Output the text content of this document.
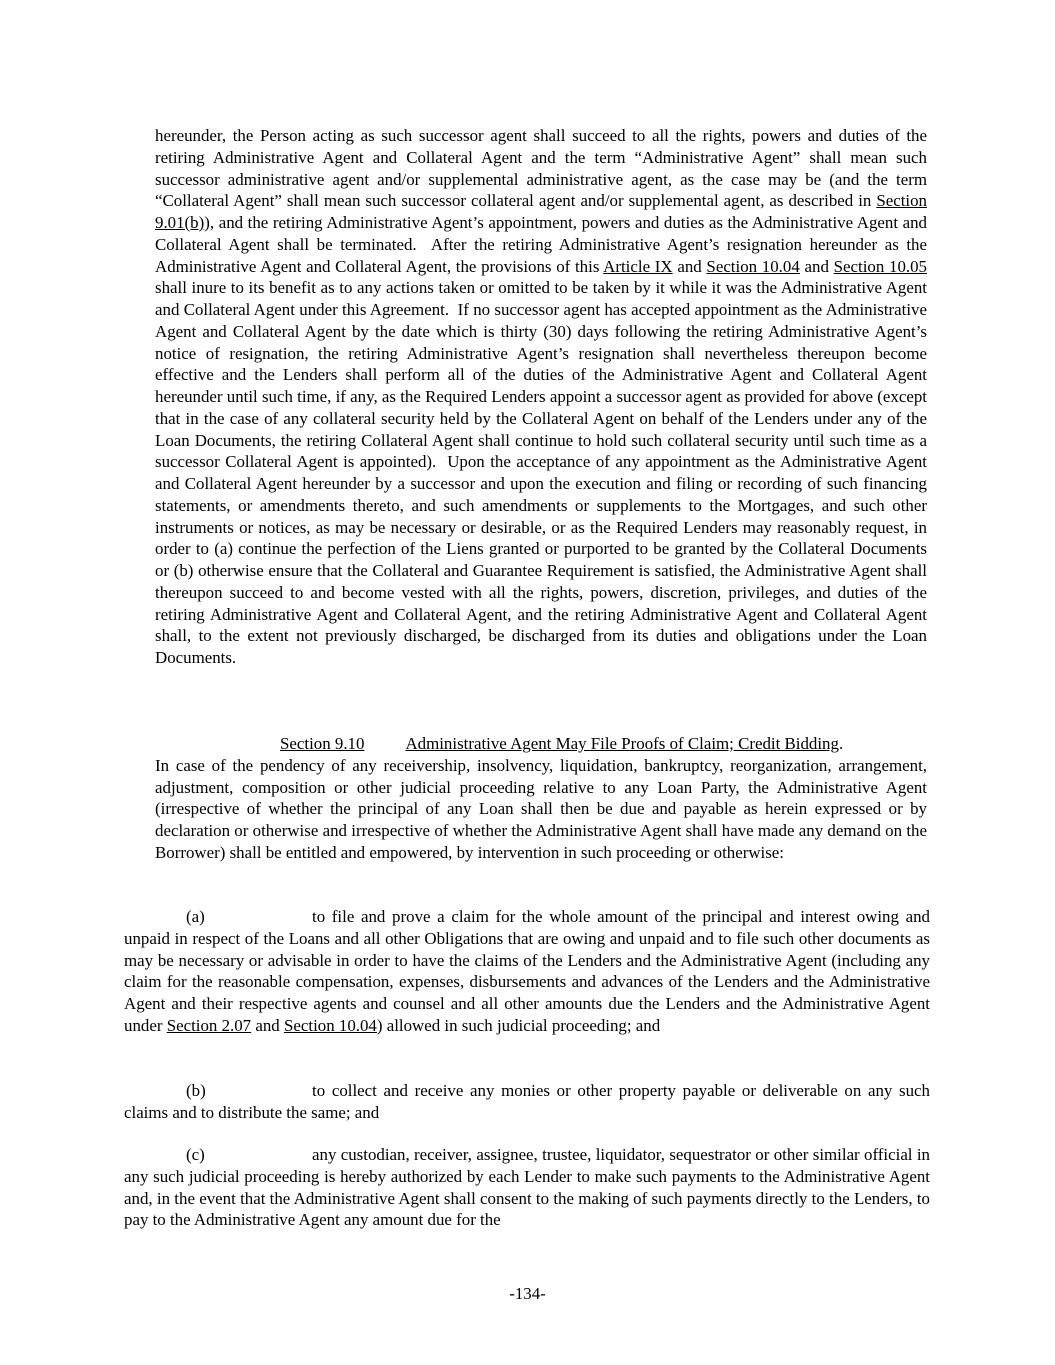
hereunder, the Person acting as such successor agent shall succeed to all the rights, powers and duties of the retiring Administrative Agent and Collateral Agent and the term “Administrative Agent” shall mean such successor administrative agent and/or supplemental administrative agent, as the case may be (and the term “Collateral Agent” shall mean such successor collateral agent and/or supplemental agent, as described in Section 9.01(b)), and the retiring Administrative Agent’s appointment, powers and duties as the Administrative Agent and Collateral Agent shall be terminated.  After the retiring Administrative Agent’s resignation hereunder as the Administrative Agent and Collateral Agent, the provisions of this Article IX and Section 10.04 and Section 10.05 shall inure to its benefit as to any actions taken or omitted to be taken by it while it was the Administrative Agent and Collateral Agent under this Agreement.  If no successor agent has accepted appointment as the Administrative Agent and Collateral Agent by the date which is thirty (30) days following the retiring Administrative Agent’s notice of resignation, the retiring Administrative Agent’s resignation shall nevertheless thereupon become effective and the Lenders shall perform all of the duties of the Administrative Agent and Collateral Agent hereunder until such time, if any, as the Required Lenders appoint a successor agent as provided for above (except that in the case of any collateral security held by the Collateral Agent on behalf of the Lenders under any of the Loan Documents, the retiring Collateral Agent shall continue to hold such collateral security until such time as a successor Collateral Agent is appointed).  Upon the acceptance of any appointment as the Administrative Agent and Collateral Agent hereunder by a successor and upon the execution and filing or recording of such financing statements, or amendments thereto, and such amendments or supplements to the Mortgages, and such other instruments or notices, as may be necessary or desirable, or as the Required Lenders may reasonably request, in order to (a) continue the perfection of the Liens granted or purported to be granted by the Collateral Documents or (b) otherwise ensure that the Collateral and Guarantee Requirement is satisfied, the Administrative Agent shall thereupon succeed to and become vested with all the rights, powers, discretion, privileges, and duties of the retiring Administrative Agent and Collateral Agent, and the retiring Administrative Agent and Collateral Agent shall, to the extent not previously discharged, be discharged from its duties and obligations under the Loan Documents.

Section 9.10 Administrative Agent May File Proofs of Claim; Credit Bidding.
In case of the pendency of any receivership, insolvency, liquidation, bankruptcy, reorganization, arrangement, adjustment, composition or other judicial proceeding relative to any Loan Party, the Administrative Agent (irrespective of whether the principal of any Loan shall then be due and payable as herein expressed or by declaration or otherwise and irrespective of whether the Administrative Agent shall have made any demand on the Borrower) shall be entitled and empowered, by intervention in such proceeding or otherwise:

(a)	to file and prove a claim for the whole amount of the principal and interest owing and unpaid in respect of the Loans and all other Obligations that are owing and unpaid and to file such other documents as may be necessary or advisable in order to have the claims of the Lenders and the Administrative Agent (including any claim for the reasonable compensation, expenses, disbursements and advances of the Lenders and the Administrative Agent and their respective agents and counsel and all other amounts due the Lenders and the Administrative Agent under Section 2.07 and Section 10.04) allowed in such judicial proceeding; and

(b)	to collect and receive any monies or other property payable or deliverable on any such claims and to distribute the same; and

(c)	any custodian, receiver, assignee, trustee, liquidator, sequestrator or other similar official in any such judicial proceeding is hereby authorized by each Lender to make such payments to the Administrative Agent and, in the event that the Administrative Agent shall consent to the making of such payments directly to the Lenders, to pay to the Administrative Agent any amount due for the

-134-
